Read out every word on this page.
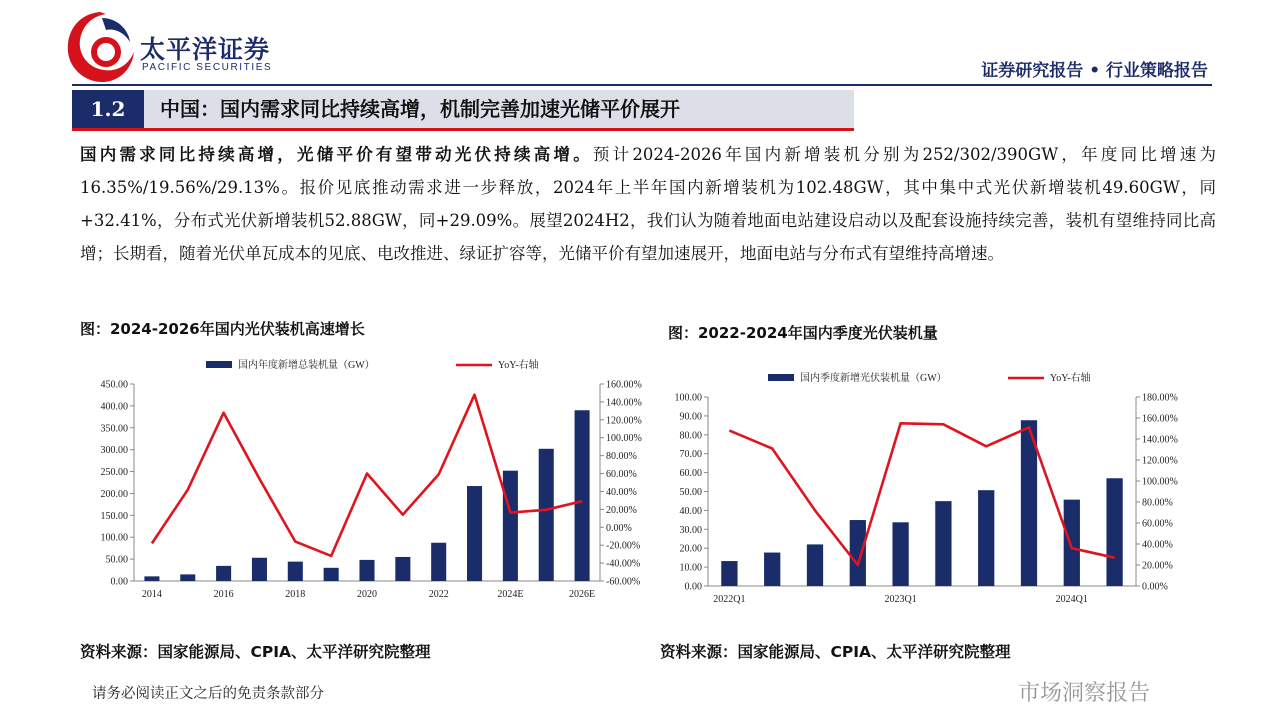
太平洋证券
PACIFIC SECURITIES	证券研究报告 • 行业策略报告
1.2	中国：国内需求同比持续高增，机制完善加速光储平价展开
国内需求同比持续高增，光储平价有望带动光伏持续高增。预计2024-2026年国内新增装机分别为252/302/390GW，年度同比增速为16.35%/19.56%/29.13%。报价见底推动需求进一步释放，2024年上半年国内新增装机为102.48GW，其中集中式光伏新增装机49.60GW，同+32.41%，分布式光伏新增装机52.88GW，同+29.09%。展望2024H2，我们认为随着地面电站建设启动以及配套设施持续完善，装机有望维持同比高增；长期看，随着光伏单瓦成本的见底、电改推进、绿证扩容等，光储平价有望加速展开，地面电站与分布式有望维持高增速。
图：2024-2026年国内光伏装机高速增长	图：2022-2024年国内季度光伏装机量
国内年度新增总装机量（GW）	YoY-右轴
0.00
50.00
100.00
150.00
200.00
250.00
300.00
350.00
400.00
450.00
-60.00%
-40.00%
-20.00%
0.00%
20.00%
40.00%
60.00%
80.00%
100.00%
120.00%
140.00%
160.00%
2014	2016	2018	2020	2022	2024E	2026E
国内季度新增光伏装机量（GW）	YoY-右轴
0.00
10.00
20.00
30.00
40.00
50.00
60.00
70.00
80.00
90.00
100.00
0.00%
20.00%
40.00%
60.00%
80.00%
100.00%
120.00%
140.00%
160.00%
180.00%
2022Q1	2023Q1	2024Q1
资料来源：国家能源局、CPIA、太平洋研究院整理	资料来源：国家能源局、CPIA、太平洋研究院整理
请务必阅读正文之后的免责条款部分	市场洞察报告
